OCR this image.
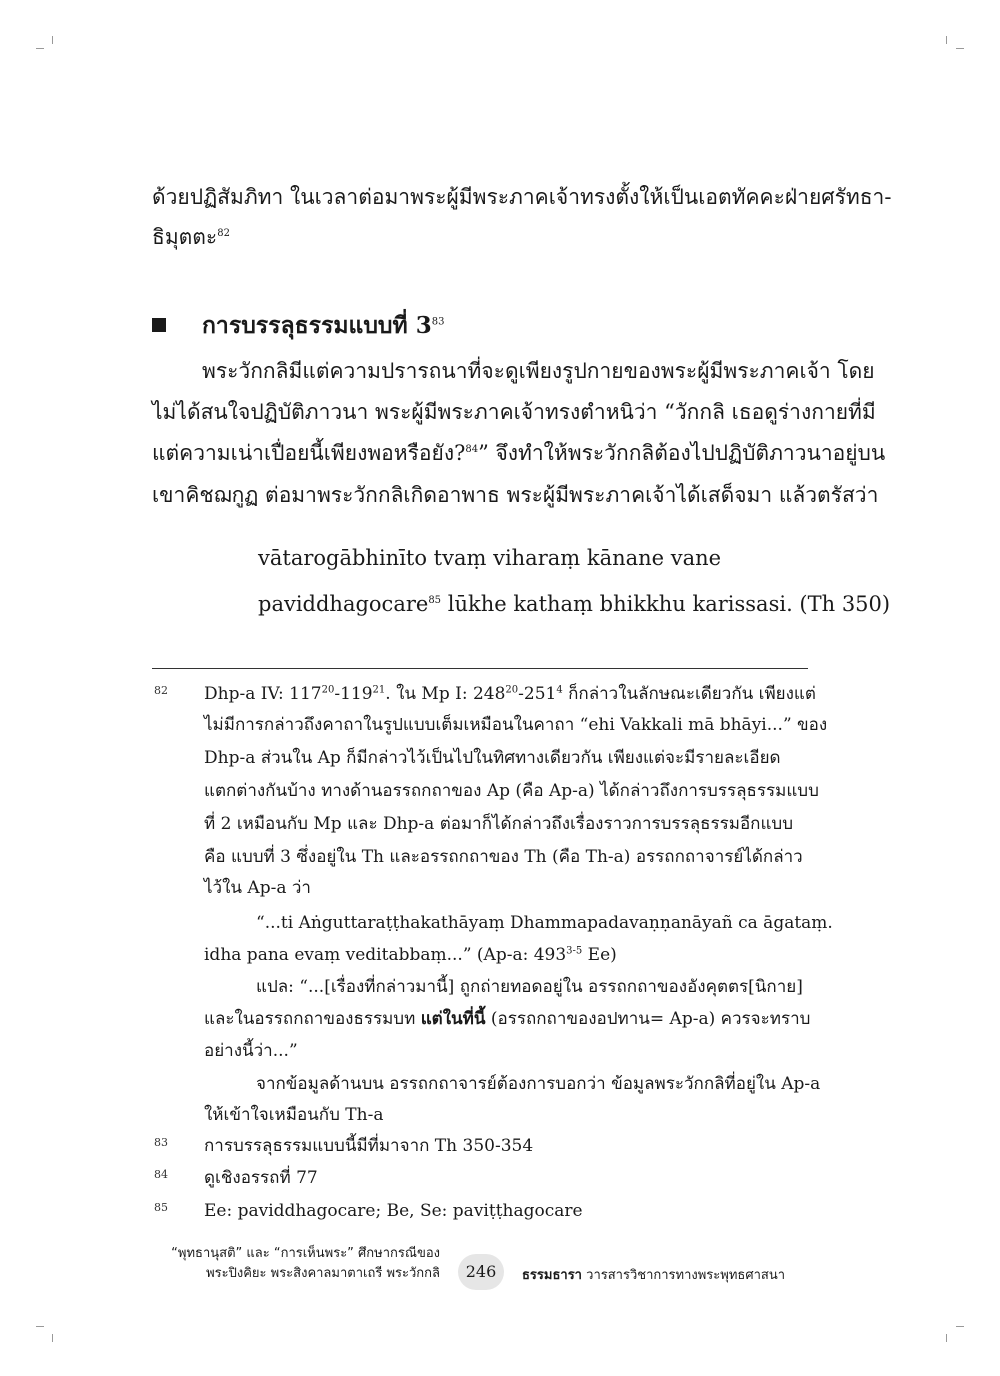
ด้วยปฏิสัมภิทา ในเวลาต่อมาพระผู้มีพระภาคเจ้าทรงตั้งให้เป็นเอตทัคคะฝ่ายศรัทธา-
ธิมุตตะ$^{82}$
การบรรลุธรรมแบบที่ $3^{83}$
พระวักกลิมีแต่ความปรารถนาที่จะดูเพียงรูปกายของพระผู้มีพระภาคเจ้า โดย
ไม่ได้สนใจปฏิบัติภาวนา พระผู้มีพระภาคเจ้าทรงตำหนิว่า “วักกลิ เธอดูร่างกายที่มี
แต่ความเน่าเปื่อยนี้เพียงพอหรือยัง?$^{84}$” จึงทำให้พระวักกลิต้องไปปฏิบัติภาวนาอยู่บน
เขาคิชฌกูฏ ต่อมาพระวักกลิเกิดอาพาธ พระผู้มีพระภาคเจ้าได้เสด็จมา แล้วตรัสว่า
vātarogābhinīto tvaṃ viharaṃ kānane vane
paviddhagocare$^{85}$ lūkhe kathaṃ bhikkhu karissasi. (Th 350)
82 Dhp-a IV: $117^{20}-119^{21}$. ใน Mp I: $248^{20}-251^4$ ก็กล่าวในลักษณะเดียวกัน เพียงแต่
ไม่มีการกล่าวถึงคาถาในรูปแบบเต็มเหมือนในคาถา “ehi Vakkali mā bhāyi...” ของ
Dhp-a ส่วนใน Ap ก็มีกล่าวไว้เป็นไปในทิศทางเดียวกัน เพียงแต่จะมีรายละเอียด
แตกต่างกันบ้าง ทางด้านอรรถกถาของ Ap (คือ Ap-a) ได้กล่าวถึงการบรรลุธรรมแบบ
ที่ 2 เหมือนกับ Mp และ Dhp-a ต่อมาก็ได้กล่าวถึงเรื่องราวการบรรลุธรรมอีกแบบ
คือ แบบที่ 3 ซึ่งอยู่ใน Th และอรรถกถาของ Th (คือ Th-a) อรรถกถาจารย์ได้กล่าว
ไว้ใน Ap-a ว่า
“...ti Aṅguttaraṭṭhakathāyaṃ Dhammapadavaṇṇanāyañ ca āgataṃ.
idha pana evaṃ veditabbaṃ...” (Ap-a: 493$^{3-5}$ Ee)
แปล: “...[เรื่องที่กล่าวมานี้] ถูกถ่ายทอดอยู่ใน อรรถกถาของอังคุตตร[นิกาย]
และในอรรถกถาของธรรมบท แต่ในที่นี้ (อรรถกถาของอปทาน= Ap-a) ควรจะทราบ
อย่างนี้ว่า...”
จากข้อมูลด้านบน อรรถกถาจารย์ต้องการบอกว่า ข้อมูลพระวักกลิที่อยู่ใน Ap-a
ให้เข้าใจเหมือนกับ Th-a
83 การบรรลุธรรมแบบนี้มีที่มาจาก Th 350-354
84 ดูเชิงอรรถที่ 77
85 Ee: paviddhagocare; Be, Se: paviṭṭhagocare
“พุทธานุสติ” และ “การเห็นพระ” ศึกษากรณีของ
พระปิงคิยะ พระสิงคาลมาตาเถรี พระวักกลิ	246	ธรรมธารา วารสารวิชาการทางพระพุทธศาสนา
